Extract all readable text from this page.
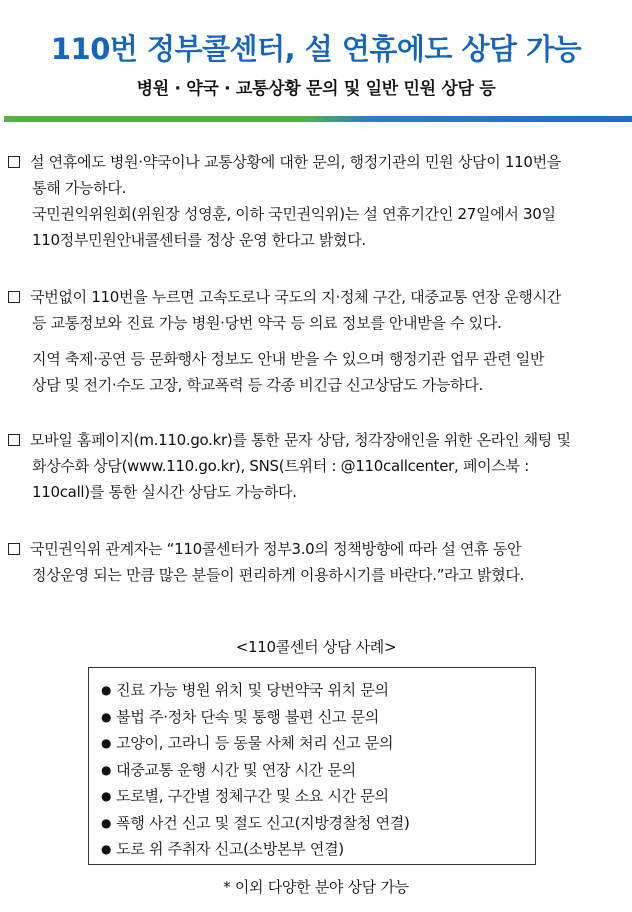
110번 정부콜센터, 설 연휴에도 상담 가능
병원 · 약국 · 교통상황 문의 및 일반 민원 상담 등
설 연휴에도 병원·약국이나 교통상황에 대한 문의, 행정기관의 민원 상담이 110번을
통해 가능하다.
국민권익위원회(위원장 성영훈, 이하 국민권익위)는 설 연휴기간인 27일에서 30일
110정부민원안내콜센터를 정상 운영 한다고 밝혔다.
국번없이 110번을 누르면 고속도로나 국도의 지·정체 구간, 대중교통 연장 운행시간
등 교통정보와 진료 가능 병원·당번 약국 등 의료 정보를 안내받을 수 있다.
지역 축제·공연 등 문화행사 정보도 안내 받을 수 있으며 행정기관 업무 관련 일반
상담 및 전기·수도 고장, 학교폭력 등 각종 비긴급 신고상담도 가능하다.
모바일 홈페이지(m.110.go.kr)를 통한 문자 상담, 청각장애인을 위한 온라인 채팅 및
화상수화 상담(www.110.go.kr), SNS(트위터 : @110callcenter, 페이스북 :
110call)를 통한 실시간 상담도 가능하다.
국민권익위 관계자는 “110콜센터가 정부3.0의 정책방향에 따라 설 연휴 동안
정상운영 되는 만큼 많은 분들이 편리하게 이용하시기를 바란다.”라고 밝혔다.
<110콜센터 상담 사례>
● 진료 가능 병원 위치 및 당번약국 위치 문의
● 불법 주·정차 단속 및 통행 불편 신고 문의
● 고양이, 고라니 등 동물 사체 처리 신고 문의
● 대중교통 운행 시간 및 연장 시간 문의
● 도로별, 구간별 정체구간 및 소요 시간 문의
● 폭행 사건 신고 및 절도 신고(지방경찰청 연결)
● 도로 위 주취자 신고(소방본부 연결)
* 이외 다양한 분야 상담 가능
